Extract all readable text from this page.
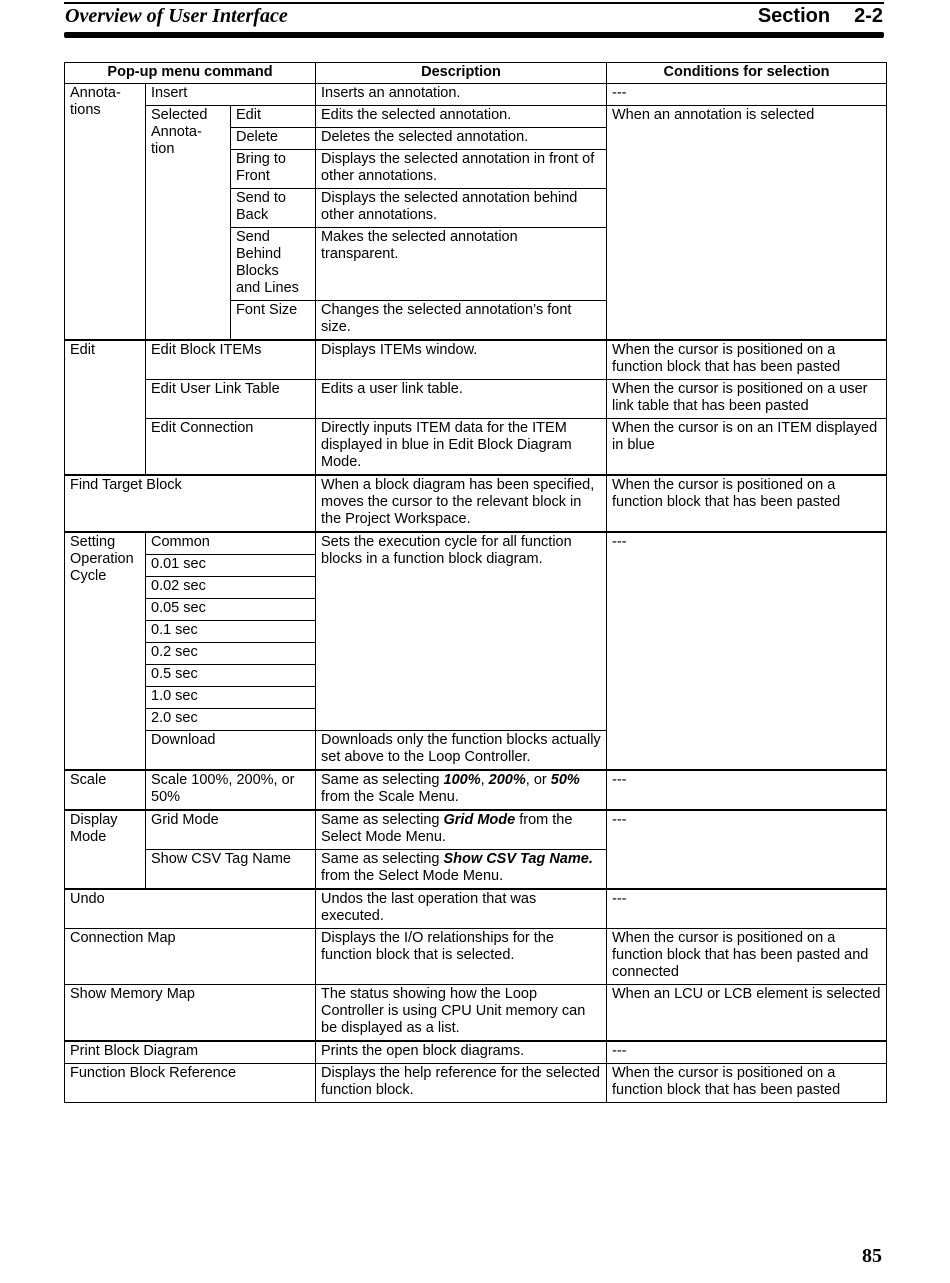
Overview of User Interface	Section 2-2
Pop-up menu command			Description	Conditions for selection
Annota-
tions	Insert		Inserts an annotation.	---
	Selected
Annota-
tion	Edit	Edits the selected annotation.	When an annotation is selected
		Delete	Deletes the selected annotation.	
		Bring to
Front	Displays the selected annotation in front of other annotations.	
		Send to
Back	Displays the selected annotation behind other annotations.	
		Send
Behind
Blocks
and Lines	Makes the selected annotation
transparent.	
		Font Size	Changes the selected annotation’s font size.	
Edit	Edit Block ITEMs		Displays ITEMs window.	When the cursor is positioned on a function block that has been pasted
	Edit User Link Table		Edits a user link table.	When the cursor is positioned on a user link table that has been pasted
	Edit Connection		Directly inputs ITEM data for the ITEM displayed in blue in Edit Block Diagram Mode.	When the cursor is on an ITEM displayed in blue
Find Target Block			When a block diagram has been specified, moves the cursor to the relevant block in the Project Workspace.	When the cursor is positioned on a function block that has been pasted
Setting
Operation
Cycle	Common		Sets the execution cycle for all function blocks in a function block diagram.	---
	0.01 sec			
	0.02 sec			
	0.05 sec			
	0.1 sec			
	0.2 sec			
	0.5 sec			
	1.0 sec			
	2.0 sec			
	Download		Downloads only the function blocks actually set above to the Loop Controller.	
Scale	Scale 100%, 200%, or 50%		Same as selecting 100%, 200%, or 50% from the Scale Menu.	---
Display
Mode	Grid Mode		Same as selecting Grid Mode from the Select Mode Menu.	---
	Show CSV Tag Name		Same as selecting Show CSV Tag Name. from the Select Mode Menu.	
Undo			Undos the last operation that was executed.	---
Connection Map			Displays the I/O relationships for the function block that is selected.	When the cursor is positioned on a function block that has been pasted and connected
Show Memory Map			The status showing how the Loop Controller is using CPU Unit memory can be displayed as a list.	When an LCU or LCB element is selected
Print Block Diagram			Prints the open block diagrams.	---
Function Block Reference			Displays the help reference for the selected function block.	When the cursor is positioned on a function block that has been pasted
85
